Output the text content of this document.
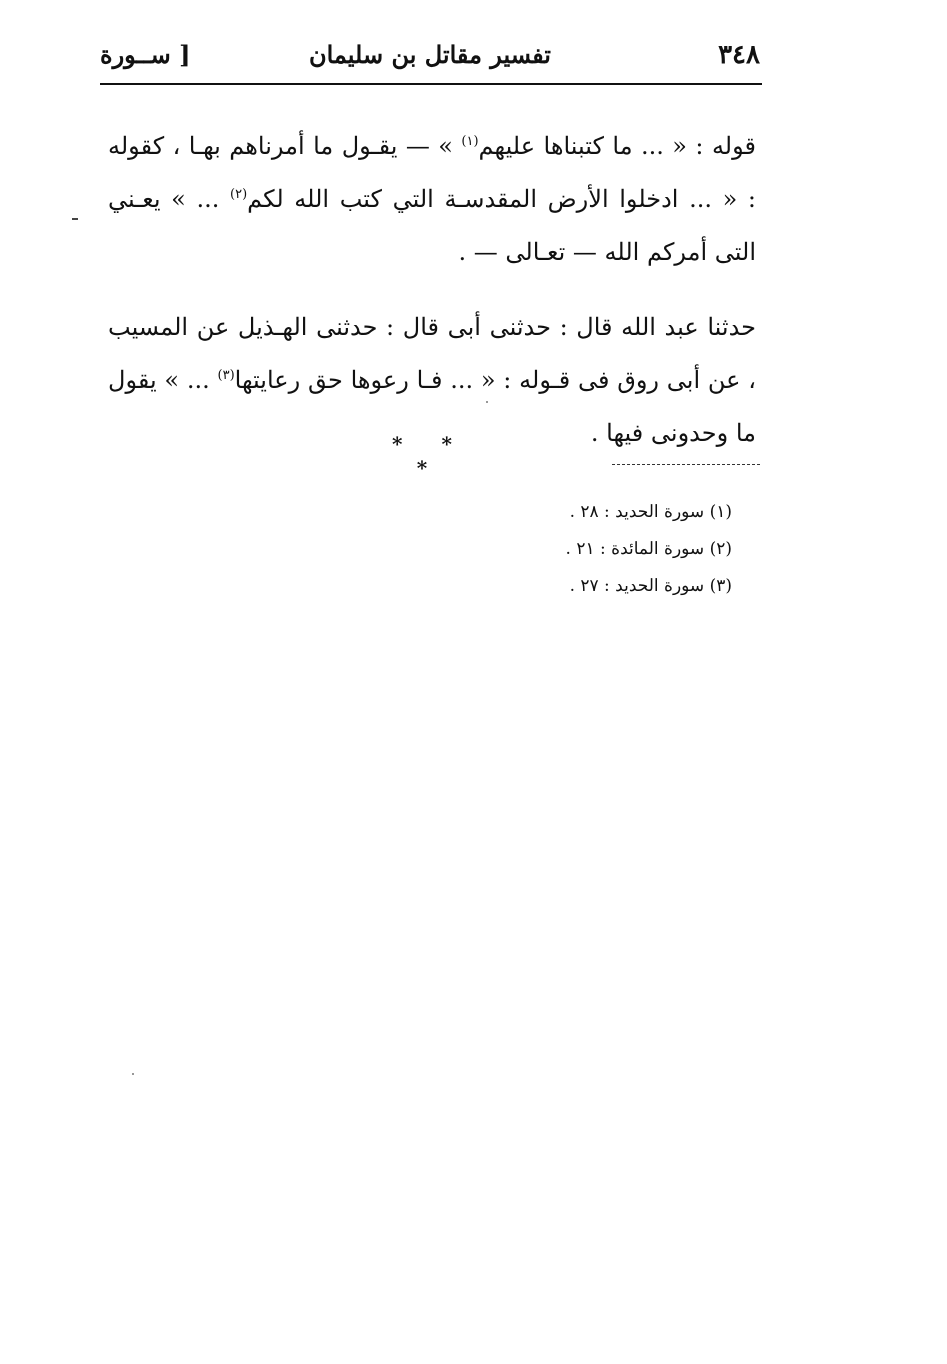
٣٤٨
تفسير مقاتل بن سليمان
[ ســورة

قوله : « ... ما كتبناها عليهم$^{(١)}$ » — يقـول ما أمرناهم بهـا ، كقوله : « ... ادخلوا الأرض المقدسـة التي كتب الله لكم$^{(٢)}$ ... » يعـني التى أمركم الله — تعـالى — .

حدثنا عبد الله قال : حدثنى أبى قال : حدثنى الهـذيل عن المسيب ، عن أبى روق فى قـوله : « ... فـا رعوها حق رعايتها$^{(٣)}$ ... » يقول ما وحدونى فيها .

* * *
(١) سورة الحديد : ٢٨ .
(٢) سورة المائدة : ٢١ .
(٣) سورة الحديد : ٢٧ .
